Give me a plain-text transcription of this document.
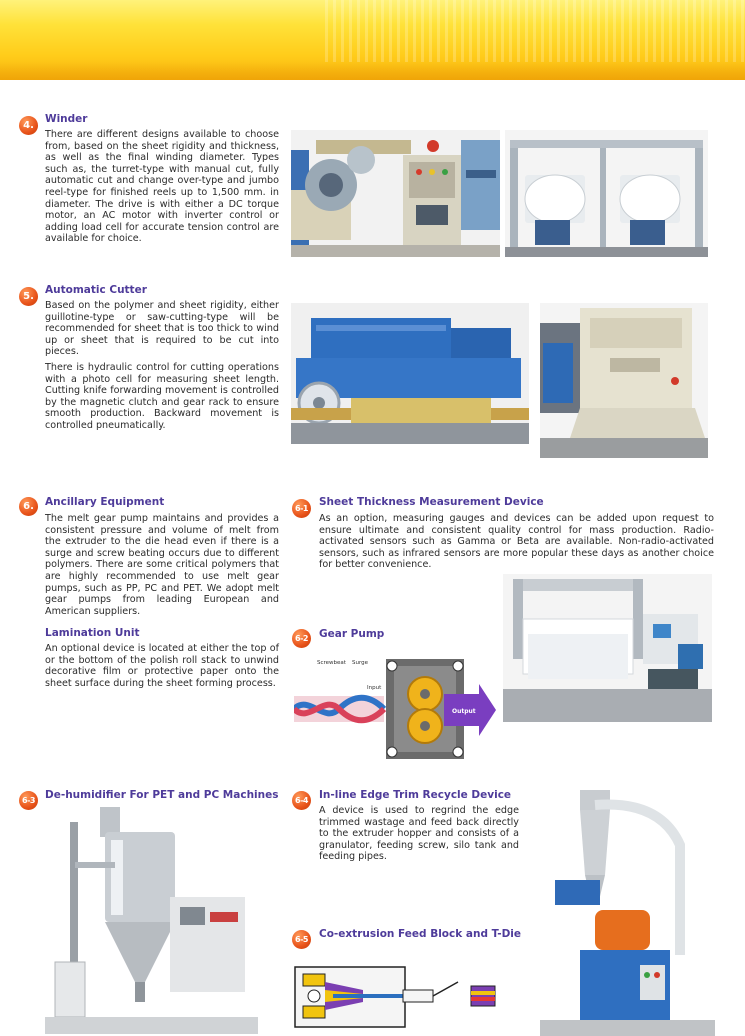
4.
Winder
There are different designs available to choose from, based on the sheet rigidity and thickness, as well as the final winding diameter. Types such as, the turret-type with manual cut, fully automatic cut and change over-type and jumbo reel-type for finished reels up to 1,500 mm. in diameter. The drive is with either a DC torque motor, an AC motor with inverter control or adding load cell for accurate tension control are available for choice.
5.
Automatic Cutter

Based on the polymer and sheet rigidity, either guillotine-type or saw-cutting-type will be recommended for sheet that is too thick to wind up or sheet that is required to be cut into pieces.

There is hydraulic control for cutting operations with a photo cell for measuring sheet length. Cutting knife forwarding movement is controlled by the magnetic clutch and gear rack to ensure smooth production. Backward movement is controlled pneumatically.

6.	Ancillary Equipment
The melt gear pump maintains and provides a consistent pressure and volume of melt from the extruder to the die head even if there is a surge and screw beating occurs due to different polymers. There are some critical polymers that are highly recommended to use melt gear pumps, such as PP, PC and PET. We adopt melt gear pumps from leading European and American suppliers.
Lamination Unit
An optional device is located at either the top of or the bottom of the polish roll stack to unwind decorative film or protective paper onto the sheet surface during the sheet forming process.
6-1
Sheet Thickness Measurement Device
As an option, measuring gauges and devices can be added upon request to ensure ultimate and consistent quality control for mass production. Radio-activated sensors such as Gamma or Beta are available. Non-radio-activated sensors, such as infrared sensors are more popular these days as another choice for better convenience.
6-2 Gear Pump
Screwbeat Surge
Input
Output
6-3 De-humidifier For PET and PC Machines	6-4 In-line Edge Trim Recycle Device
A device is used to regrind the edge trimmed wastage and feed back directly to the extruder hopper and consists of a granulator, feeding screw, silo tank and feeding pipes.
6-5 Co-extrusion Feed Block and T-Die
